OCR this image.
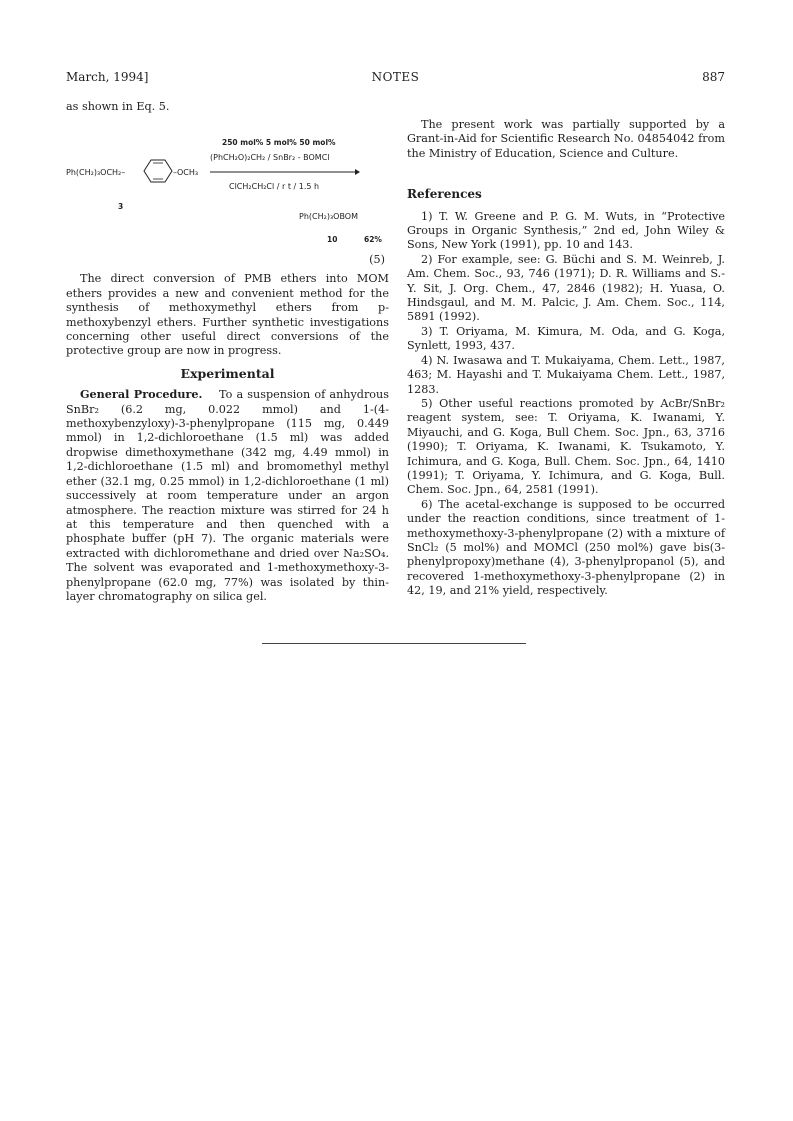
March, 1994]	NOTES	887

as shown in Eq. 5.

250 mol% 5 mol% 50 mol%
(PhCH₂O)₂CH₂ / SnBr₂ - BOMCl
Ph(CH₂)₃OCH₂–	–OCH₃
ClCH₂CH₂Cl / r t / 1.5 h
3
Ph(CH₂)₃OBOM
10	62%
(5)

The direct conversion of PMB ethers into MOM ethers provides a new and convenient method for the synthesis of methoxymethyl ethers from p-methoxybenzyl ethers. Further synthetic investigations concerning other useful direct conversions of the protective group are now in progress.

Experimental

General Procedure. To a suspension of anhydrous SnBr₂ (6.2 mg, 0.022 mmol) and 1-(4-methoxybenzyloxy)-3-phenylpropane (115 mg, 0.449 mmol) in 1,2-dichloroethane (1.5 ml) was added dropwise dimethoxymethane (342 mg, 4.49 mmol) in 1,2-dichloroethane (1.5 ml) and bromomethyl methyl ether (32.1 mg, 0.25 mmol) in 1,2-dichloroethane (1 ml) successively at room temperature under an argon atmosphere. The reaction mixture was stirred for 24 h at this temperature and then quenched with a phosphate buffer (pH 7). The organic materials were extracted with dichloromethane and dried over Na₂SO₄. The solvent was evaporated and 1-methoxymethoxy-3-phenylpropane (62.0 mg, 77%) was isolated by thin-layer chromatography on silica gel.

The present work was partially supported by a Grant-in-Aid for Scientific Research No. 04854042 from the Ministry of Education, Science and Culture.

References
1) T. W. Greene and P. G. M. Wuts, in “Protective Groups in Organic Synthesis,” 2nd ed, John Wiley & Sons, New York (1991), pp. 10 and 143.
2) For example, see: G. Büchi and S. M. Weinreb, J. Am. Chem. Soc., 93, 746 (1971); D. R. Williams and S.-Y. Sit, J. Org. Chem., 47, 2846 (1982); H. Yuasa, O. Hindsgaul, and M. M. Palcic, J. Am. Chem. Soc., 114, 5891 (1992).
3) T. Oriyama, M. Kimura, M. Oda, and G. Koga, Synlett, 1993, 437.
4) N. Iwasawa and T. Mukaiyama, Chem. Lett., 1987, 463; M. Hayashi and T. Mukaiyama Chem. Lett., 1987, 1283.
5) Other useful reactions promoted by AcBr/SnBr₂ reagent system, see: T. Oriyama, K. Iwanami, Y. Miyauchi, and G. Koga, Bull Chem. Soc. Jpn., 63, 3716 (1990); T. Oriyama, K. Iwanami, K. Tsukamoto, Y. Ichimura, and G. Koga, Bull. Chem. Soc. Jpn., 64, 1410 (1991); T. Oriyama, Y. Ichimura, and G. Koga, Bull. Chem. Soc. Jpn., 64, 2581 (1991).
6) The acetal-exchange is supposed to be occurred under the reaction conditions, since treatment of 1-methoxymethoxy-3-phenylpropane (2) with a mixture of SnCl₂ (5 mol%) and MOMCl (250 mol%) gave bis(3-phenylpropoxy)methane (4), 3-phenylpropanol (5), and recovered 1-methoxymethoxy-3-phenylpropane (2) in 42, 19, and 21% yield, respectively.
